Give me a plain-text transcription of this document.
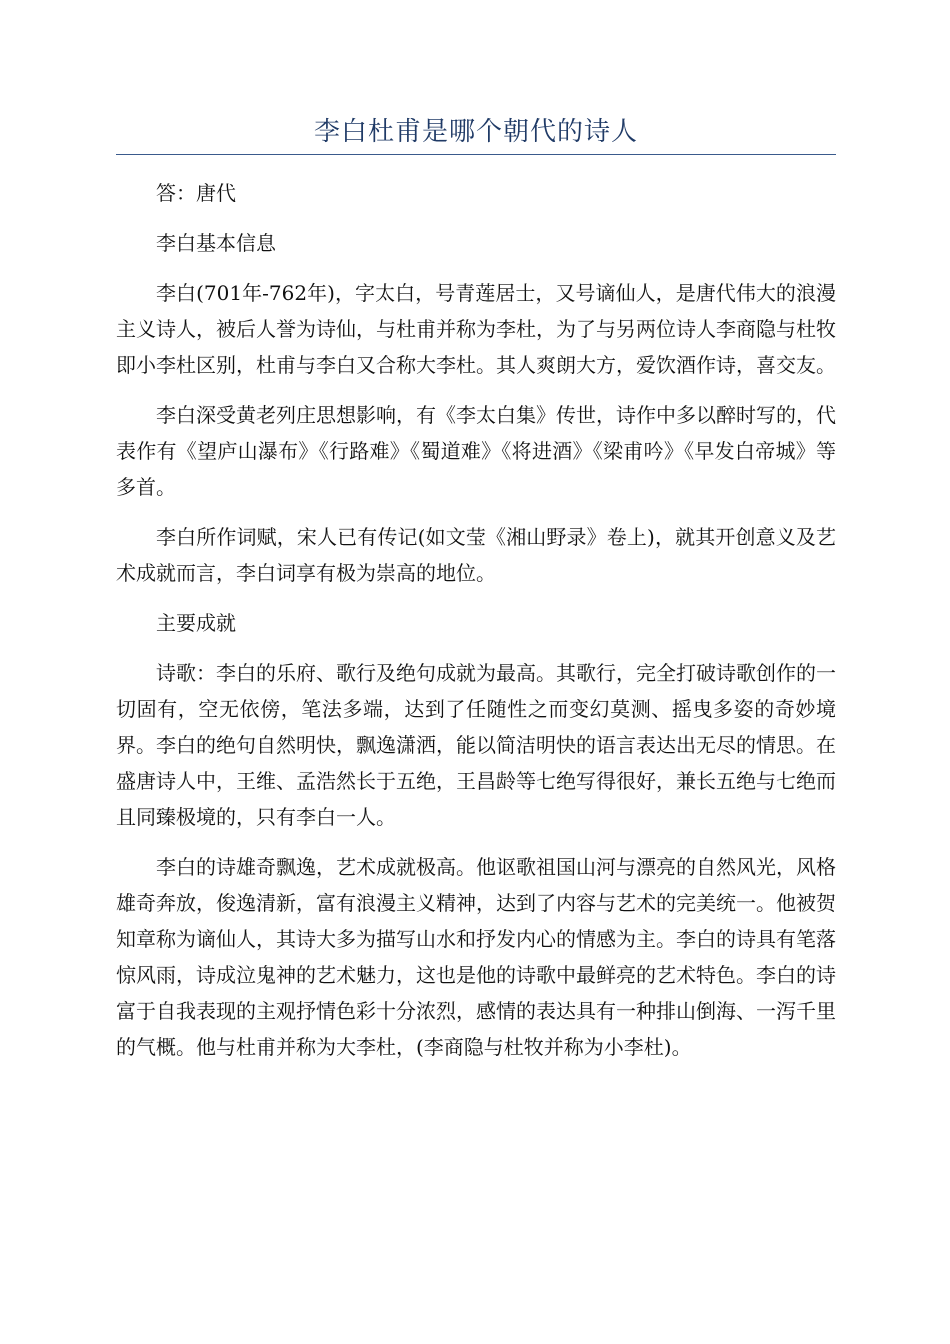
李白杜甫是哪个朝代的诗人

答：唐代

李白基本信息

李白(701年-762年)，字太白，号青莲居士，又号谪仙人，是唐代伟大的浪漫主义诗人，被后人誉为诗仙，与杜甫并称为李杜，为了与另两位诗人李商隐与杜牧即小李杜区别，杜甫与李白又合称大李杜。其人爽朗大方，爱饮酒作诗，喜交友。

李白深受黄老列庄思想影响，有《李太白集》传世，诗作中多以醉时写的，代表作有《望庐山瀑布》《行路难》《蜀道难》《将进酒》《梁甫吟》《早发白帝城》等多首。

李白所作词赋，宋人已有传记(如文莹《湘山野录》卷上)，就其开创意义及艺术成就而言，李白词享有极为崇高的地位。

主要成就

诗歌：李白的乐府、歌行及绝句成就为最高。其歌行，完全打破诗歌创作的一切固有，空无依傍，笔法多端，达到了任随性之而变幻莫测、摇曳多姿的奇妙境界。李白的绝句自然明快，飘逸潇洒，能以简洁明快的语言表达出无尽的情思。在盛唐诗人中，王维、孟浩然长于五绝，王昌龄等七绝写得很好，兼长五绝与七绝而且同臻极境的，只有李白一人。

李白的诗雄奇飘逸，艺术成就极高。他讴歌祖国山河与漂亮的自然风光，风格雄奇奔放，俊逸清新，富有浪漫主义精神，达到了内容与艺术的完美统一。他被贺知章称为谪仙人，其诗大多为描写山水和抒发内心的情感为主。李白的诗具有笔落惊风雨，诗成泣鬼神的艺术魅力，这也是他的诗歌中最鲜亮的艺术特色。李白的诗富于自我表现的主观抒情色彩十分浓烈，感情的表达具有一种排山倒海、一泻千里的气概。他与杜甫并称为大李杜，(李商隐与杜牧并称为小李杜)。
